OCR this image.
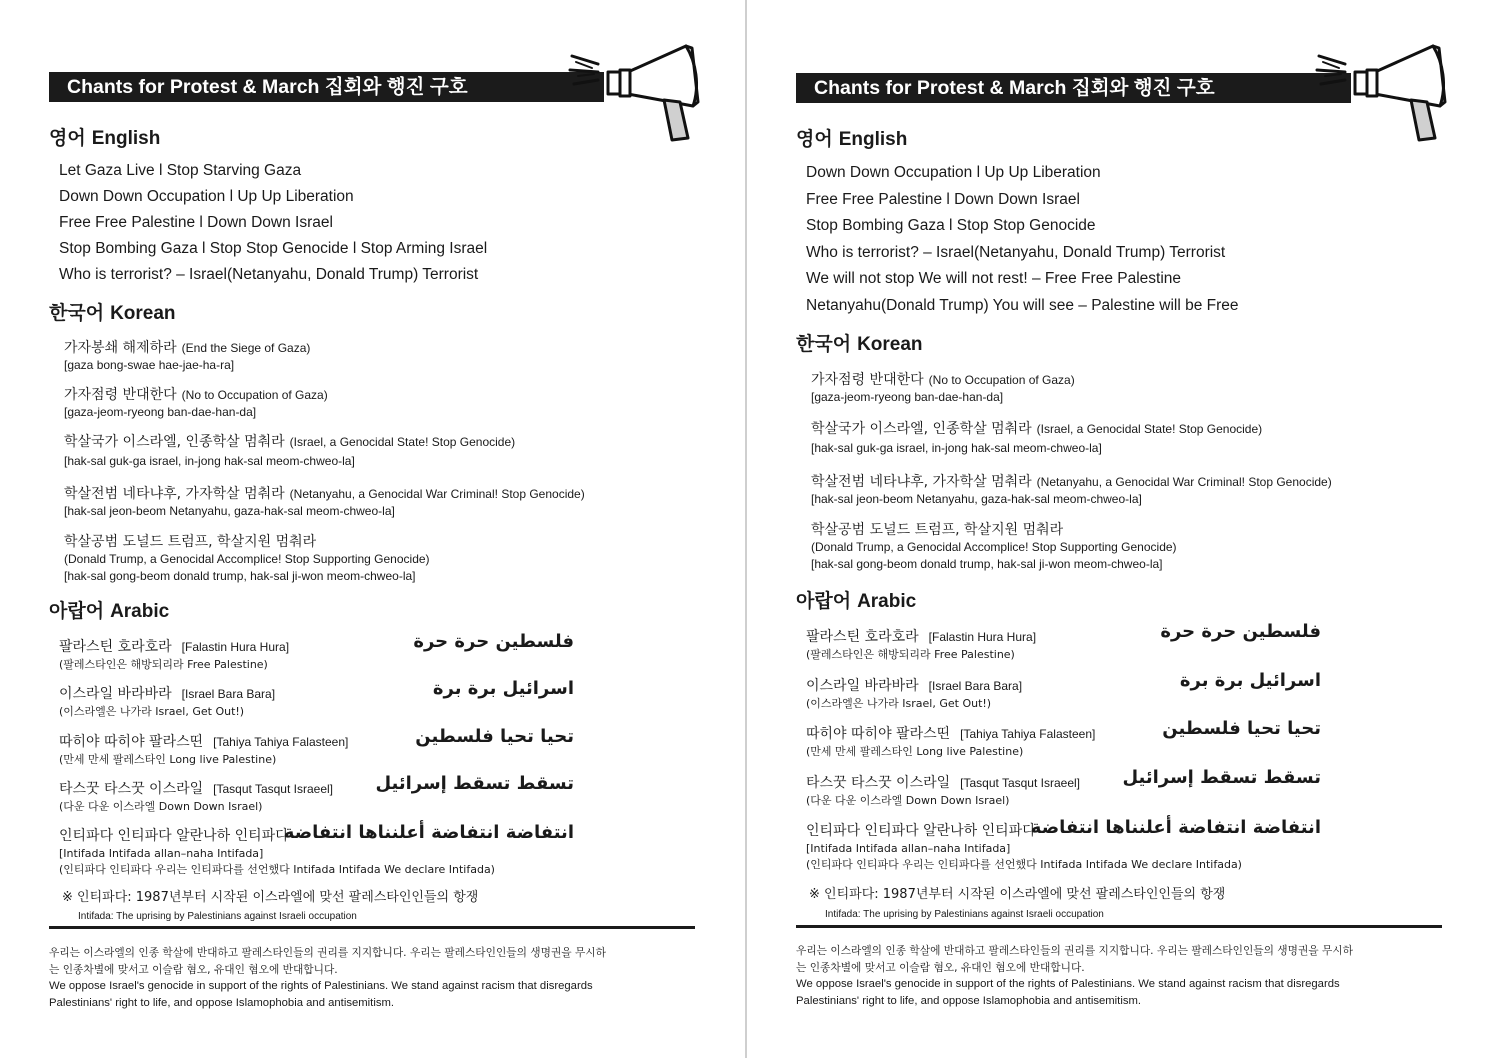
Chants for Protest & March 집회와 행진 구호
영어 English
Let Gaza Live l Stop Starving Gaza
Down Down Occupation l Up Up Liberation
Free Free Palestine l Down Down Israel
Stop Bombing Gaza l Stop Stop Genocide l Stop Arming Israel
Who is terrorist? – Israel(Netanyahu, Donald Trump) Terrorist
한국어 Korean
가자봉쇄 해제하라 (End the Siege of Gaza)
[gaza bong-swae hae-jae-ha-ra]
가자점령 반대한다 (No to Occupation of Gaza)
[gaza-jeom-ryeong ban-dae-han-da]
학살국가 이스라엘, 인종학살 멈춰라 (Israel, a Genocidal State! Stop Genocide)
[hak-sal guk-ga israel, in-jong hak-sal meom-chweo-la]
학살전범 네타냐후, 가자학살 멈춰라 (Netanyahu, a Genocidal War Criminal! Stop Genocide)
[hak-sal jeon-beom Netanyahu, gaza-hak-sal meom-chweo-la]
학살공범 도널드 트럼프, 학살지원 멈춰라
(Donald Trump, a Genocidal Accomplice! Stop Supporting Genocide)
[hak-sal gong-beom donald trump, hak-sal ji-won meom-chweo-la]
아랍어 Arabic
팔라스틴 호라호라 [Falastin Hura Hura]
(팔레스타인은 해방되리라 Free Palestine)
فلسطين حرة حرة
이스라일 바라바라 [Israel Bara Bara]
(이스라엘은 나가라 Israel, Get Out!)
اسرائيل برة برة
따히야 따히야 팔라스띤 [Tahiya Tahiya Falasteen]
(만세 만세 팔레스타인 Long live Palestine)
تحيا تحيا فلسطين
타스꿋 타스꿋 이스라일 [Tasqut Tasqut Israeel]
(다운 다운 이스라엘 Down Down Israel)
تسقط تسقط إسرائيل
인티파다 인티파다 알란나하 인티파다
[Intifada Intifada allan–naha Intifada]
(인티파다 인티파다 우리는 인티파다를 선언했다 Intifada Intifada We declare Intifada)
انتفاضة انتفاضة أعلنناها انتفاضة
※ 인티파다: 1987년부터 시작된 이스라엘에 맞선 팔레스타인인들의 항쟁
Intifada: The uprising by Palestinians against Israeli occupation
우리는 이스라엘의 인종 학살에 반대하고 팔레스타인들의 권리를 지지합니다. 우리는 팔레스타인인들의 생명권을 무시하
는 인종차별에 맞서고 이슬람 혐오, 유대인 혐오에 반대합니다.
We oppose Israel's genocide in support of the rights of Palestinians. We stand against racism that disregards
Palestinians' right to life, and oppose Islamophobia and antisemitism.
Chants for Protest & March 집회와 행진 구호
영어 English
Down Down Occupation l Up Up Liberation
Free Free Palestine l Down Down Israel
Stop Bombing Gaza l Stop Stop Genocide
Who is terrorist? – Israel(Netanyahu, Donald Trump) Terrorist
We will not stop We will not rest! – Free Free Palestine
Netanyahu(Donald Trump) You will see – Palestine will be Free
한국어 Korean
가자점령 반대한다 (No to Occupation of Gaza)
[gaza-jeom-ryeong ban-dae-han-da]
학살국가 이스라엘, 인종학살 멈춰라 (Israel, a Genocidal State! Stop Genocide)
[hak-sal guk-ga israel, in-jong hak-sal meom-chweo-la]
학살전범 네타냐후, 가자학살 멈춰라 (Netanyahu, a Genocidal War Criminal! Stop Genocide)
[hak-sal jeon-beom Netanyahu, gaza-hak-sal meom-chweo-la]
학살공범 도널드 트럼프, 학살지원 멈춰라
(Donald Trump, a Genocidal Accomplice! Stop Supporting Genocide)
[hak-sal gong-beom donald trump, hak-sal ji-won meom-chweo-la]
아랍어 Arabic
팔라스틴 호라호라 [Falastin Hura Hura]
(팔레스타인은 해방되리라 Free Palestine)
فلسطين حرة حرة
이스라일 바라바라 [Israel Bara Bara]
(이스라엘은 나가라 Israel, Get Out!)
اسرائيل برة برة
따히야 따히야 팔라스띤 [Tahiya Tahiya Falasteen]
(만세 만세 팔레스타인 Long live Palestine)
تحيا تحيا فلسطين
타스꿋 타스꿋 이스라일 [Tasqut Tasqut Israeel]
(다운 다운 이스라엘 Down Down Israel)
تسقط تسقط إسرائيل
인티파다 인티파다 알란나하 인티파다
[Intifada Intifada allan–naha Intifada]
(인티파다 인티파다 우리는 인티파다를 선언했다 Intifada Intifada We declare Intifada)
انتفاضة انتفاضة أعلنناها انتفاضة
※ 인티파다: 1987년부터 시작된 이스라엘에 맞선 팔레스타인인들의 항쟁
Intifada: The uprising by Palestinians against Israeli occupation
우리는 이스라엘의 인종 학살에 반대하고 팔레스타인들의 권리를 지지합니다. 우리는 팔레스타인인들의 생명권을 무시하
는 인종차별에 맞서고 이슬람 혐오, 유대인 혐오에 반대합니다.
We oppose Israel's genocide in support of the rights of Palestinians. We stand against racism that disregards
Palestinians' right to life, and oppose Islamophobia and antisemitism.
